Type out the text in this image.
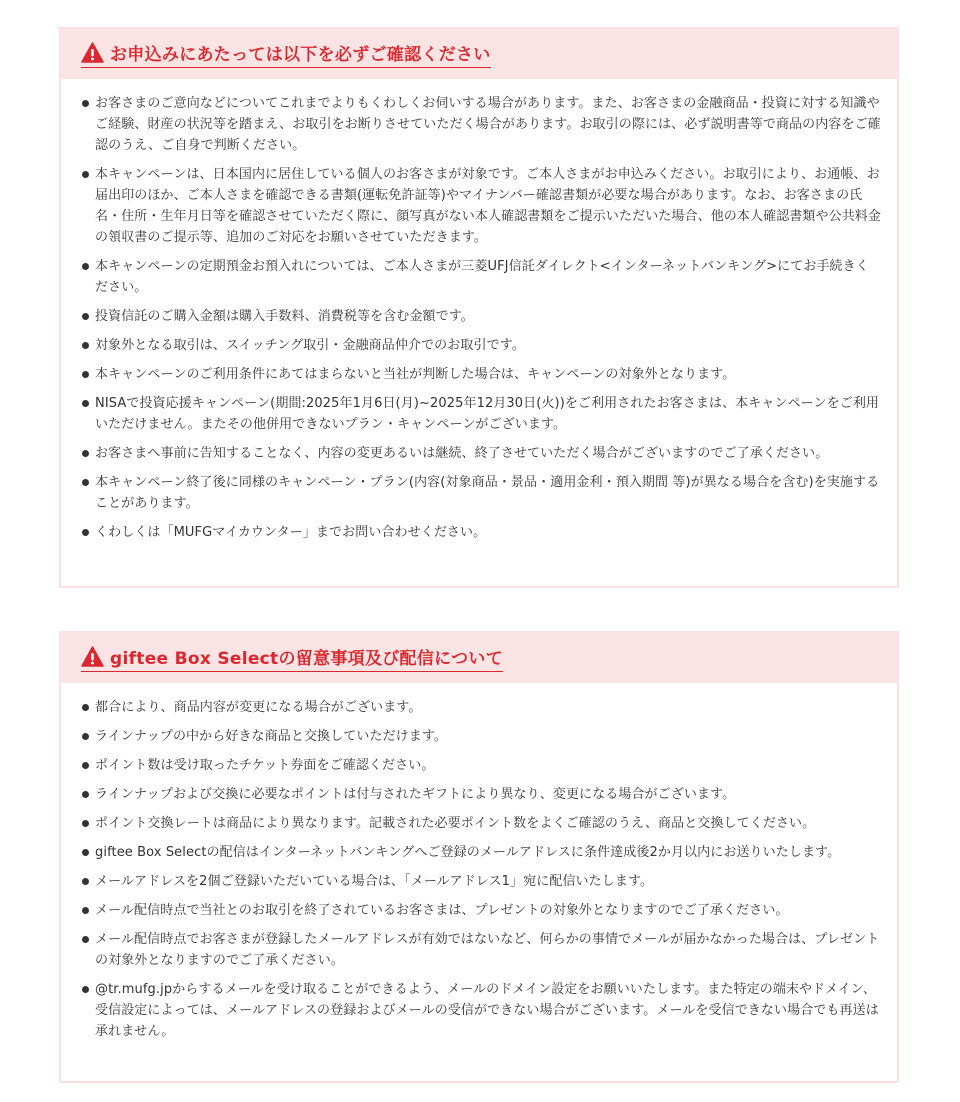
お申込みにあたっては以下を必ずご確認ください
お客さまのご意向などについてこれまでよりもくわしくお伺いする場合があります。また、お客さまの金融商品・投資に対する知識やご経験、財産の状況等を踏まえ、お取引をお断りさせていただく場合があります。お取引の際には、必ず説明書等で商品の内容をご確認のうえ、ご自身で判断ください。
本キャンペーンは、日本国内に居住している個人のお客さまが対象です。ご本人さまがお申込みください。お取引により、お通帳、お届出印のほか、ご本人さまを確認できる書類(運転免許証等)やマイナンバー確認書類が必要な場合があります。なお、お客さまの氏名・住所・生年月日等を確認させていただく際に、顔写真がない本人確認書類をご提示いただいた場合、他の本人確認書類や公共料金の領収書のご提示等、追加のご対応をお願いさせていただきます。
本キャンペーンの定期預金お預入れについては、ご本人さまが三菱UFJ信託ダイレクト<インターネットバンキング>にてお手続きください。
投資信託のご購入金額は購入手数料、消費税等を含む金額です。
対象外となる取引は、スイッチング取引・金融商品仲介でのお取引です。
本キャンペーンのご利用条件にあてはまらないと当社が判断した場合は、キャンペーンの対象外となります。
NISAで投資応援キャンペーン(期間:2025年1月6日(月)~2025年12月30日(火))をご利用されたお客さまは、本キャンペーンをご利用いただけません。またその他併用できないプラン・キャンペーンがございます。
お客さまへ事前に告知することなく、内容の変更あるいは継続、終了させていただく場合がございますのでご了承ください。
本キャンペーン終了後に同様のキャンペーン・プラン(内容(対象商品・景品・適用金利・預入期間 等)が異なる場合を含む)を実施することがあります。
くわしくは「MUFGマイカウンター」までお問い合わせください。
giftee Box Selectの留意事項及び配信について
都合により、商品内容が変更になる場合がございます。
ラインナップの中から好きな商品と交換していただけます。
ポイント数は受け取ったチケット券面をご確認ください。
ラインナップおよび交換に必要なポイントは付与されたギフトにより異なり、変更になる場合がございます。
ポイント交換レートは商品により異なります。記載された必要ポイント数をよくご確認のうえ、商品と交換してください。
giftee Box Selectの配信はインターネットバンキングへご登録のメールアドレスに条件達成後2か月以内にお送りいたします。
メールアドレスを2個ご登録いただいている場合は、「メールアドレス1」宛に配信いたします。
メール配信時点で当社とのお取引を終了されているお客さまは、プレゼントの対象外となりますのでご了承ください。
メール配信時点でお客さまが登録したメールアドレスが有効ではないなど、何らかの事情でメールが届かなかった場合は、プレゼントの対象外となりますのでご了承ください。
@tr.mufg.jpからするメールを受け取ることができるよう、メールのドメイン設定をお願いいたします。また特定の端末やドメイン、受信設定によっては、メールアドレスの登録およびメールの受信ができない場合がございます。メールを受信できない場合でも再送は承れません。
